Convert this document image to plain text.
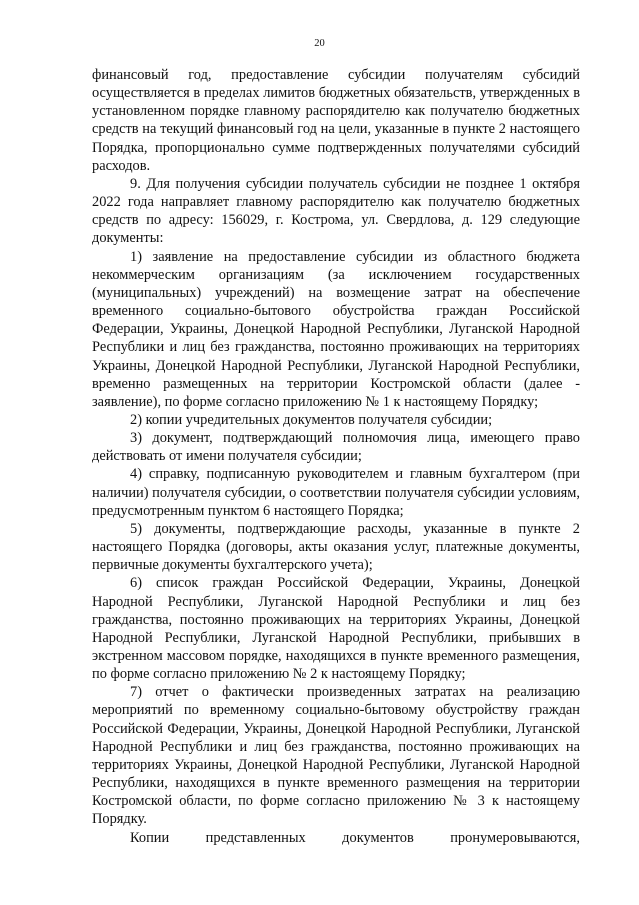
20

финансовый год, предоставление субсидии получателям субсидий осуществляется в пределах лимитов бюджетных обязательств, утвержденных в установленном порядке главному распорядителю как получателю бюджетных средств на текущий финансовый год на цели, указанные в пункте 2 настоящего Порядка, пропорционально сумме подтвержденных получателями субсидий расходов.

9. Для получения субсидии получатель субсидии не позднее 1 октября 2022 года направляет главному распорядителю как получателю бюджетных средств по адресу: 156029, г. Кострома, ул. Свердлова, д. 129 следующие документы:

1) заявление на предоставление субсидии из областного бюджета некоммерческим организациям (за исключением государственных (муниципальных) учреждений) на возмещение затрат на обеспечение временного социально-бытового обустройства граждан Российской Федерации, Украины, Донецкой Народной Республики, Луганской Народной Республики и лиц без гражданства, постоянно проживающих на территориях Украины, Донецкой Народной Республики, Луганской Народной Республики, временно размещенных на территории Костромской области (далее - заявление), по форме согласно приложению № 1 к настоящему Порядку;

2) копии учредительных документов получателя субсидии;

3) документ, подтверждающий полномочия лица, имеющего право действовать от имени получателя субсидии;

4) справку, подписанную руководителем и главным бухгалтером (при наличии) получателя субсидии, о соответствии получателя субсидии условиям, предусмотренным пунктом 6 настоящего Порядка;

5) документы, подтверждающие расходы, указанные в пункте 2 настоящего Порядка (договоры, акты оказания услуг, платежные документы, первичные документы бухгалтерского учета);

6) список граждан Российской Федерации, Украины, Донецкой Народной Республики, Луганской Народной Республики и лиц без гражданства, постоянно проживающих на территориях Украины, Донецкой Народной Республики, Луганской Народной Республики, прибывших в экстренном массовом порядке, находящихся в пункте временного размещения, по форме согласно приложению № 2 к настоящему Порядку;

7) отчет о фактически произведенных затратах на реализацию мероприятий по временному социально-бытовому обустройству граждан Российской Федерации, Украины, Донецкой Народной Республики, Луганской Народной Республики и лиц без гражданства, постоянно проживающих на территориях Украины, Донецкой Народной Республики, Луганской Народной Республики, находящихся в пункте временного размещения на территории Костромской области, по форме согласно приложению № 3 к настоящему Порядку.

Копии представленных документов пронумеровываются,
